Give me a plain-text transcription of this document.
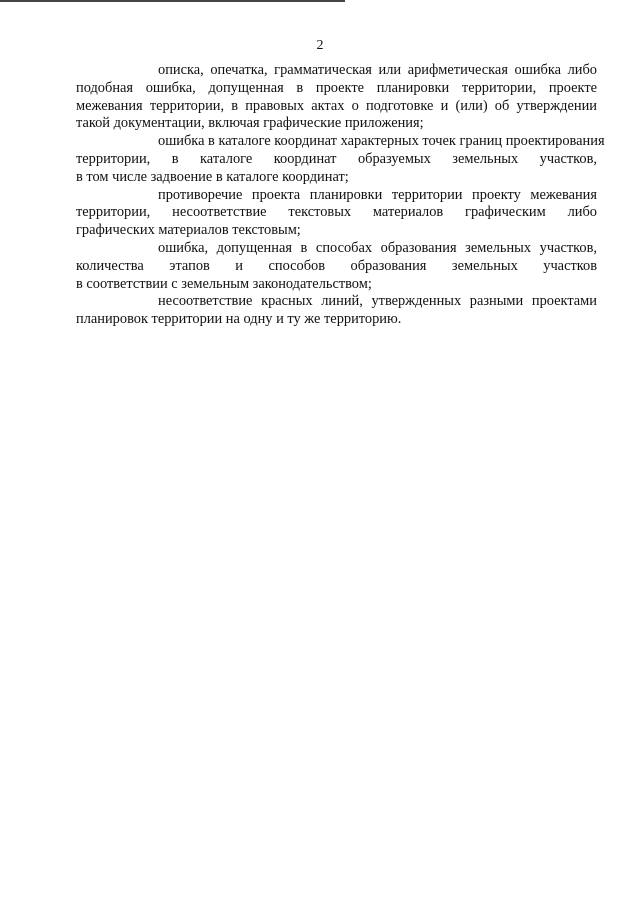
2

описка, опечатка, грамматическая или арифметическая ошибка либо
подобная ошибка, допущенная в проекте планировки территории, проекте
межевания территории, в правовых актах о подготовке и (или) об утверждении
такой документации, включая графические приложения;

ошибка в каталоге координат характерных точек границ проектирования
территории, в каталоге координат образуемых земельных участков,
в том числе задвоение в каталоге координат;

противоречие проекта планировки территории проекту межевания
территории, несоответствие текстовых материалов графическим либо
графических материалов текстовым;

ошибка, допущенная в способах образования земельных участков,
количества этапов и способов образования земельных участков
в соответствии с земельным законодательством;

несоответствие красных линий, утвержденных разными проектами
планировок территории на одну и ту же территорию.
